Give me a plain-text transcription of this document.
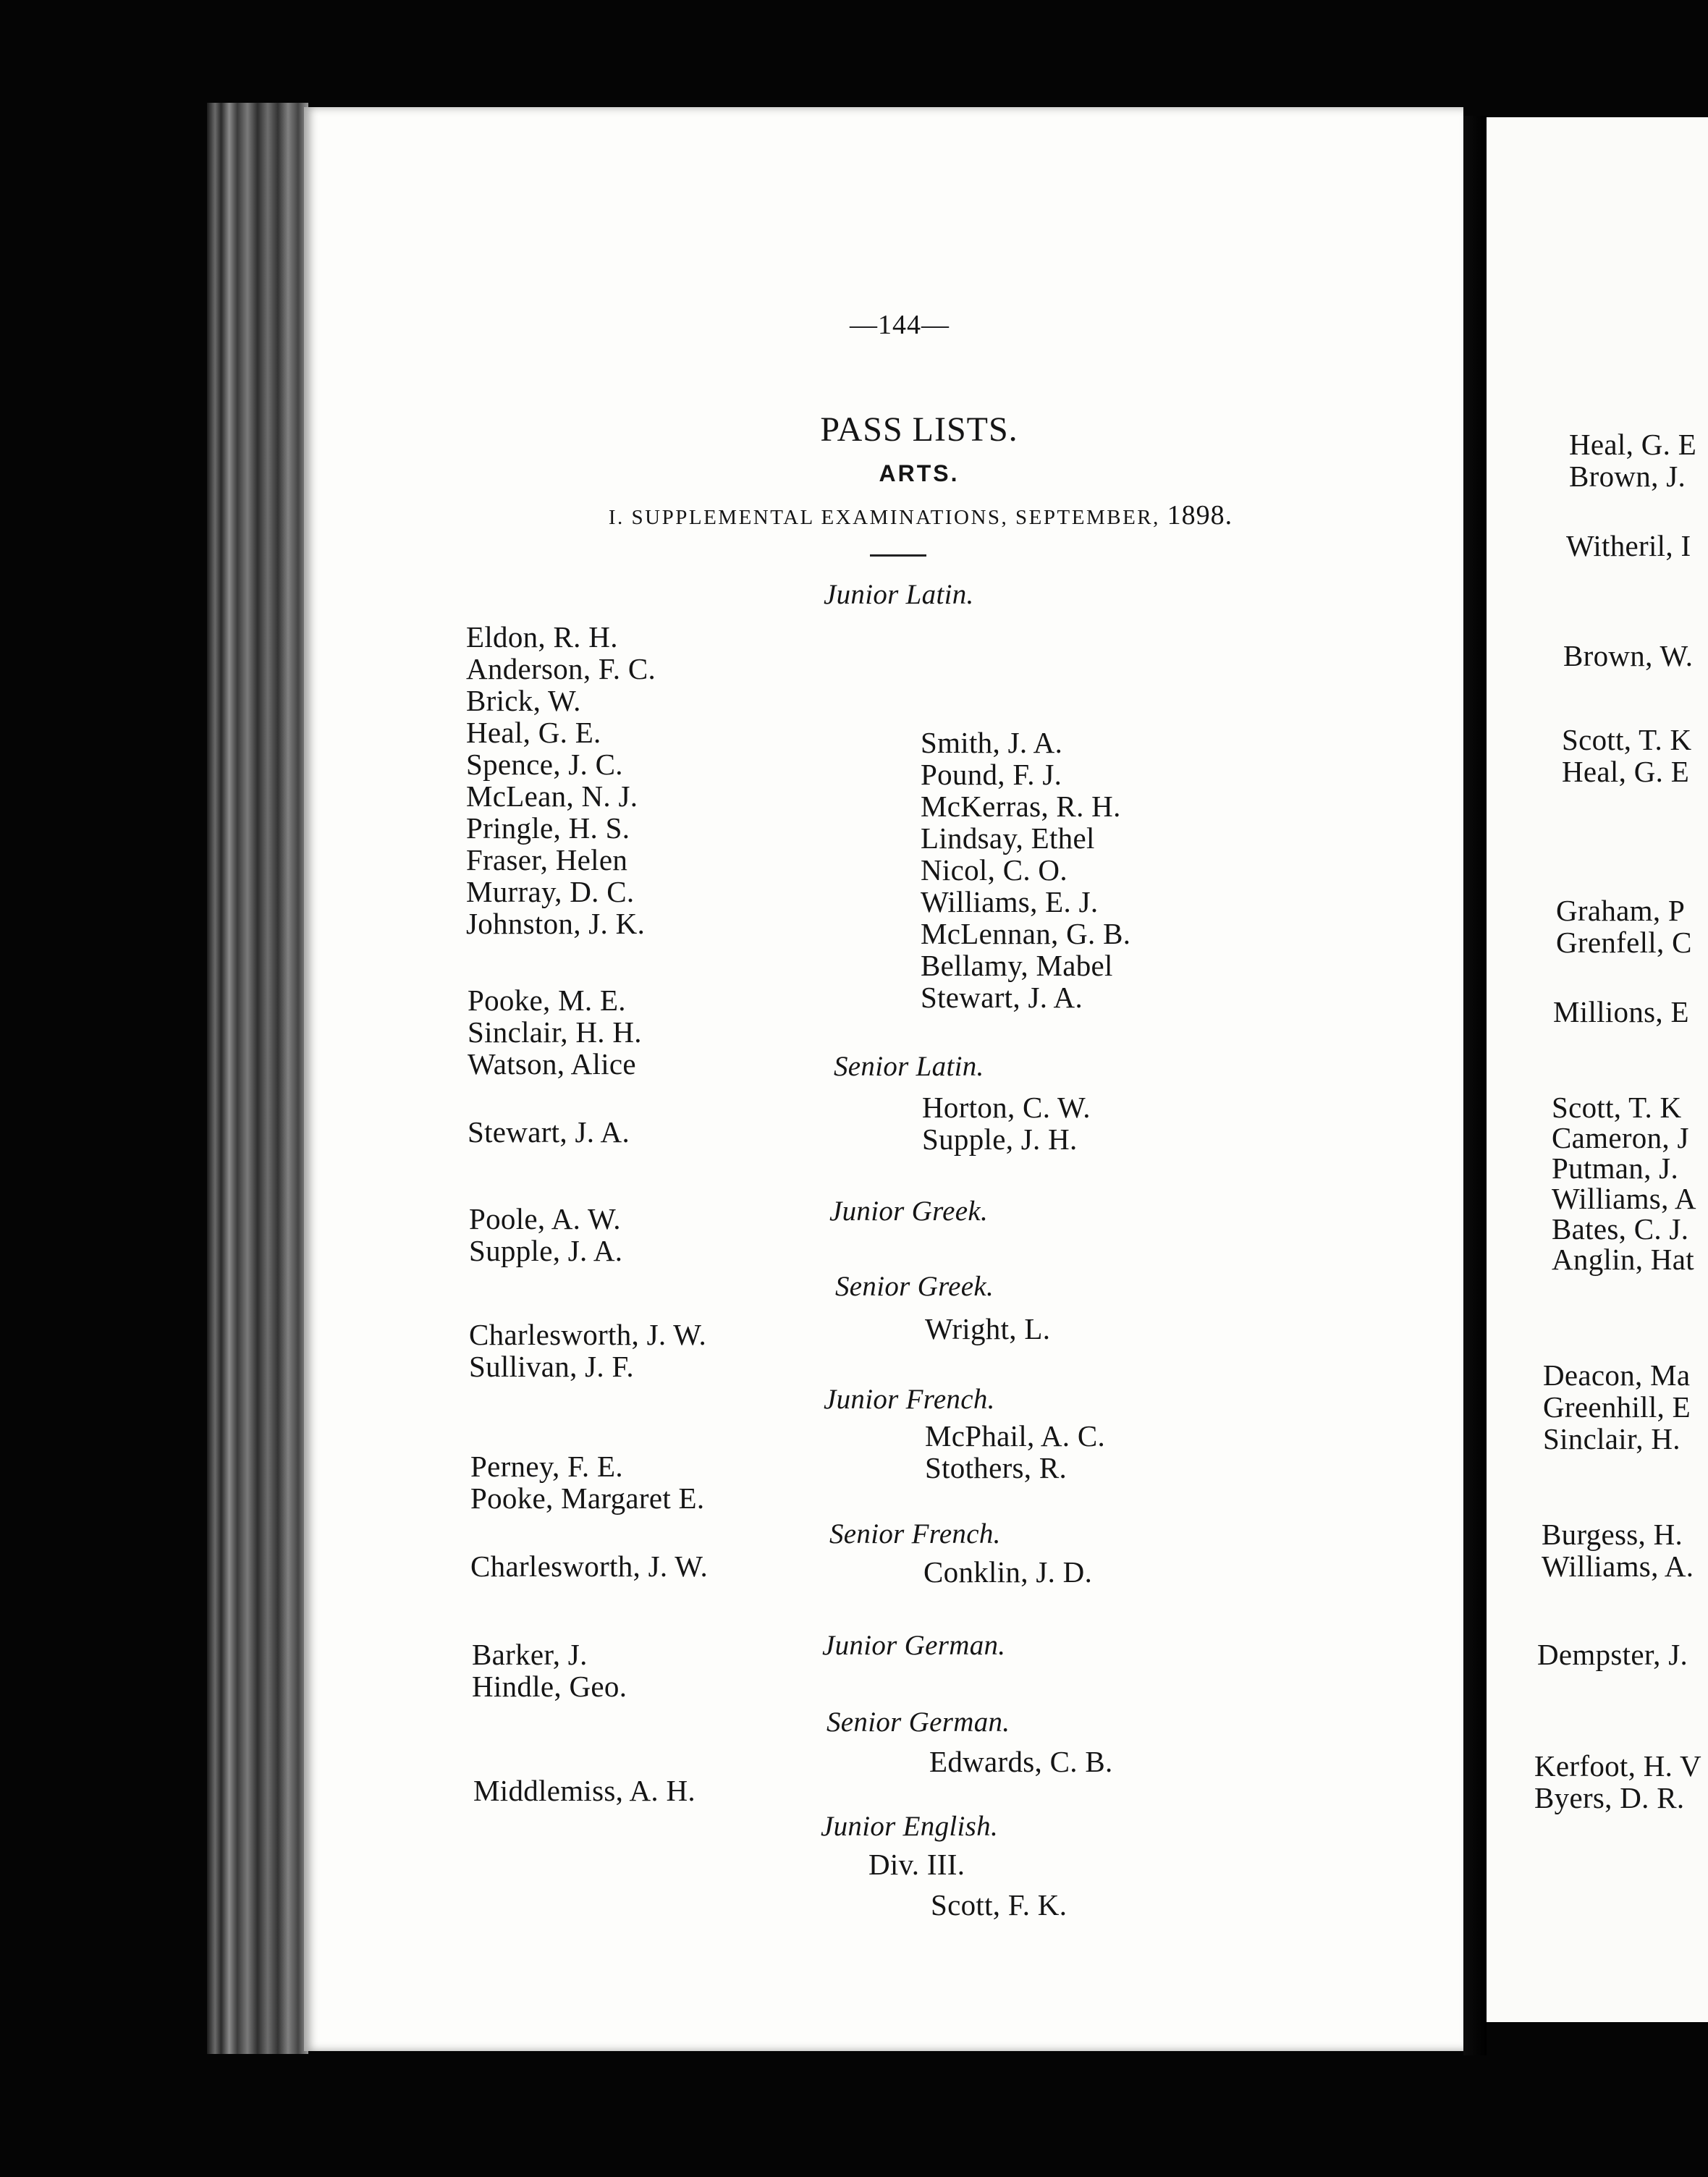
—144—
PASS LISTS.
ARTS.
I. SUPPLEMENTAL EXAMINATIONS, SEPTEMBER, 1898.
Eldon, R. H.
Anderson, F. C.
Brick, W.
Heal, G. E.
Spence, J. C.
McLean, N. J.
Pringle, H. S.
Fraser, Helen
Murray, D. C.
Johnston, J. K.
Pooke, M. E.
Sinclair, H. H.
Watson, Alice
Stewart, J. A.
Poole, A. W.
Supple, J. A.
Charlesworth, J. W.
Sullivan, J. F.
Perney, F. E.
Pooke, Margaret E.
Charlesworth, J. W.
Barker, J.
Hindle, Geo.
Middlemiss, A. H.
Junior Latin.
Senior Latin.
Junior Greek.
Senior Greek.
Junior French.
Senior French.
Junior German.
Senior German.
Junior English.
Div. III.
Smith, J. A.
Pound, F. J.
McKerras, R. H.
Lindsay, Ethel
Nicol, C. O.
Williams, E. J.
McLennan, G. B.
Bellamy, Mabel
Stewart, J. A.
Horton, C. W.
Supple, J. H.
Wright, L.
McPhail, A. C.
Stothers, R.
Conklin, J. D.
Edwards, C. B.
Scott, F. K.
Heal, G. E
Brown, J.
Witheril, I
Brown, W.
Scott, T. K
Heal, G. E
Graham, P
Grenfell, C
Millions, E
Scott, T. K
Cameron, J
Putman, J.
Williams, A
Bates, C. J.
Anglin, Hat
Deacon, Ma
Greenhill, E
Sinclair, H.
Burgess, H.
Williams, A.
Dempster, J.
Kerfoot, H. V
Byers, D. R.
